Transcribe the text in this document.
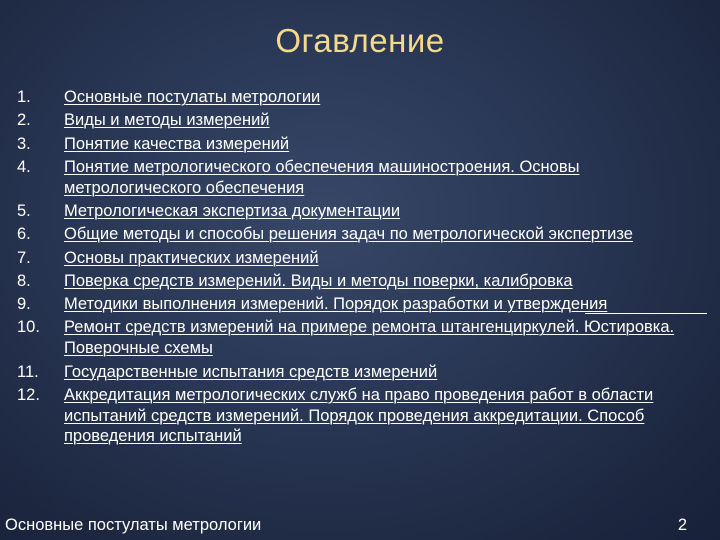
Огавление
1.	Основные постулаты метрологии
2.	Виды и методы измерений
3.	Понятие качества измерений
4.	Понятие метрологического обеспечения машиностроения. Основы метрологического обеспечения
5.	Метрологическая экспертиза документации
6.	Общие методы и способы решения задач по метрологической экспертизе
7.	Основы практических измерений
8.	Поверка средств измерений. Виды и методы поверки, калибровка
9.	Методики выполнения измерений. Порядок разработки и утверждения
10.	Ремонт средств измерений на примере ремонта штангенциркулей. Юстировка. Поверочные схемы
11.	Государственные испытания средств измерений
12.	Аккредитация метрологических служб на право проведения работ в области испытаний средств измерений. Порядок проведения аккредитации. Способ проведения испытаний
Основные постулаты метрологии	2
